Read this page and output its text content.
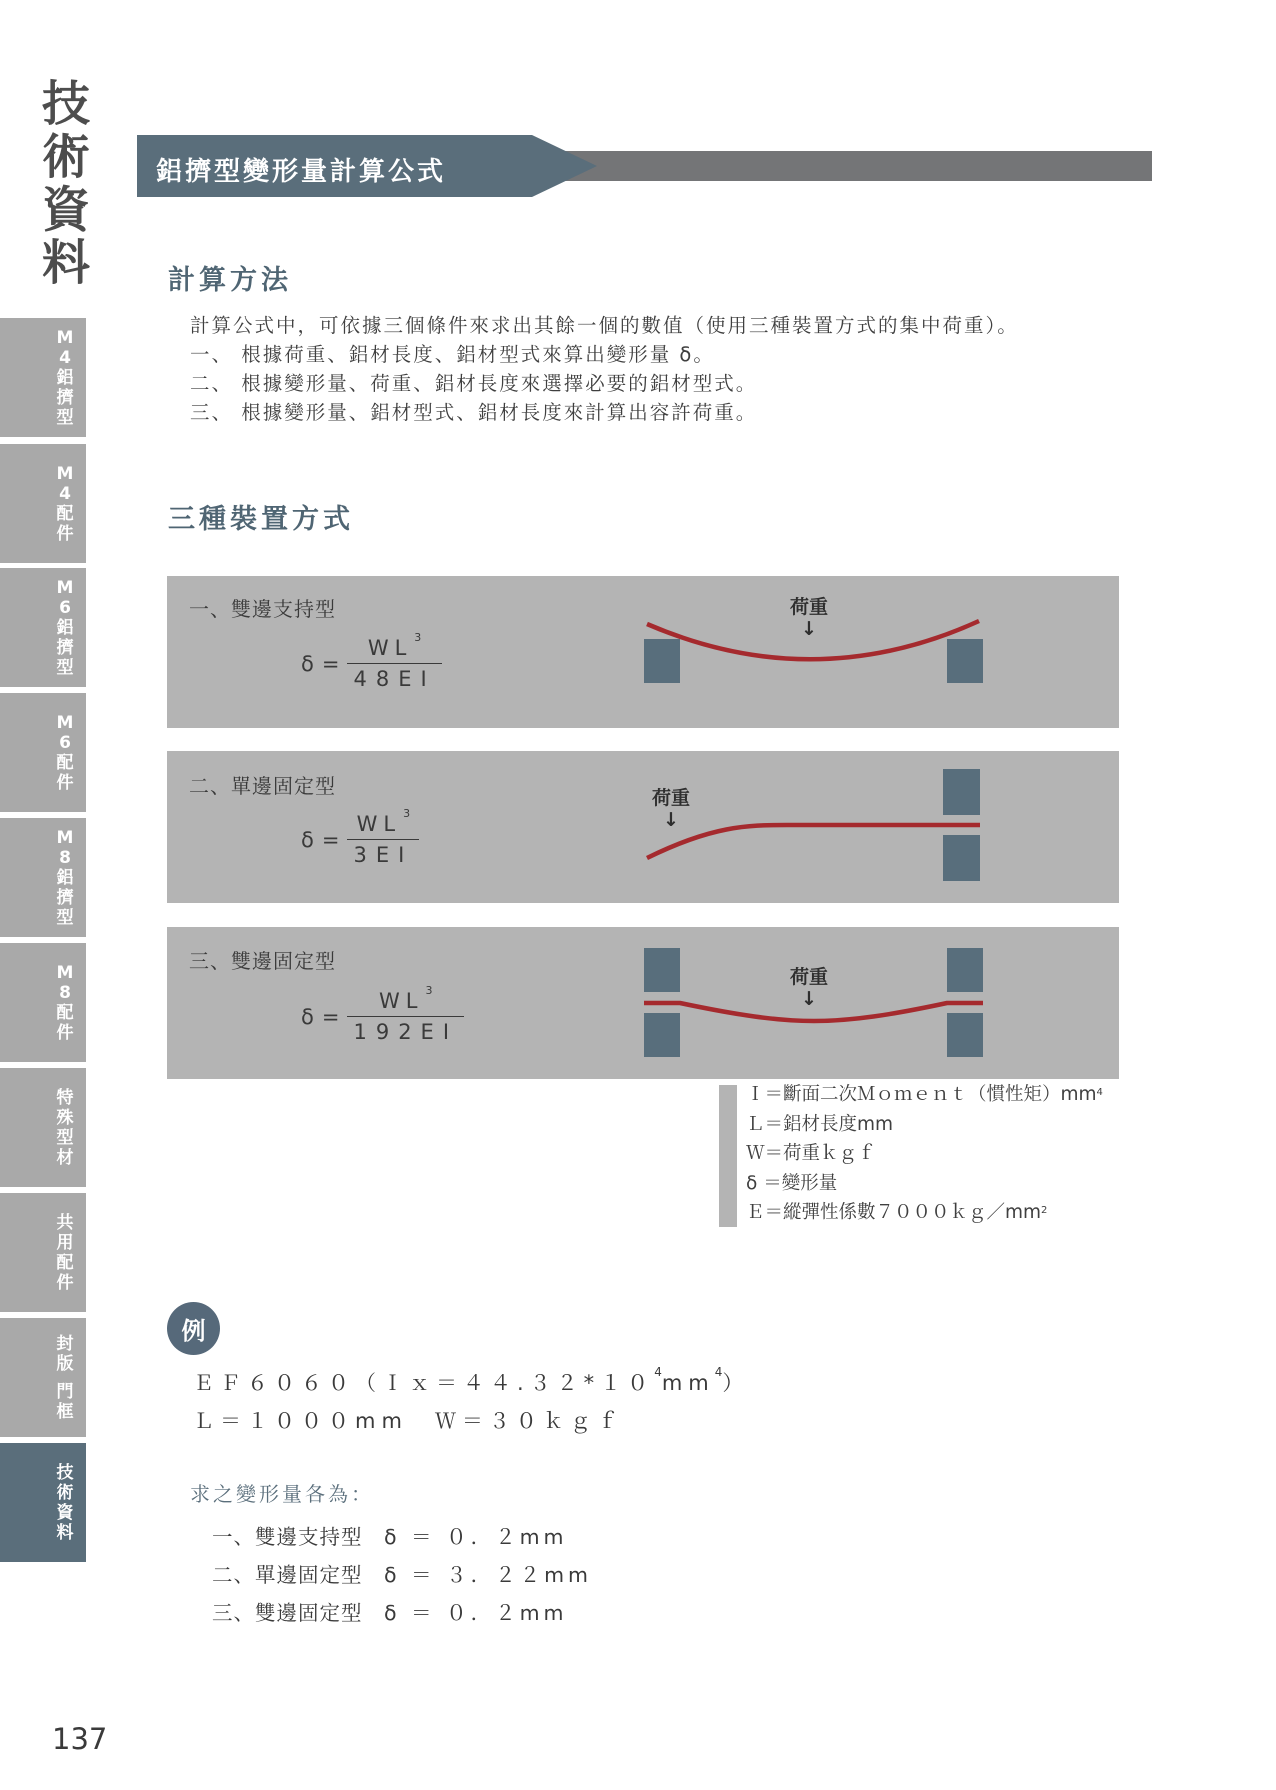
技
術
資
料
M
4
鋁
擠
型
M
4
配
件
M
6
鋁
擠
型
M
6
配
件
M
8
鋁
擠
型
M
8
配
件
特
殊
型
材
共
用
配
件
封
版
門
框
技
術
資
料
鋁擠型變形量計算公式
計算方法
計算公式中，可依據三個條件來求出其餘一個的數值（使用三種裝置方式的集中荷重）。
一、 根據荷重、鋁材長度、鋁材型式來算出變形量 δ。
二、 根據變形量、荷重、鋁材長度來選擇必要的鋁材型式。
三、 根據變形量、鋁材型式、鋁材長度來計算出容許荷重。
三種裝置方式
一、雙邊支持型
$\delta = \frac{WL ^3}{48EI}$
荷重
↓
二、單邊固定型
$\delta = \frac{WL ^3}{3EI}$
荷重
↓
三、雙邊固定型
$\delta = \frac{WL ^3}{192EI}$
荷重
↓
Ｉ＝斷面二次Ｍｏｍｅｎｔ（慣性矩）$mm^4$
Ｌ＝鋁材長度mm
Ｗ＝荷重ｋｇｆ
δ ＝變形量
Ｅ＝縱彈性係數$7000kg/mm^2$
例
$EF6060(Ix=44.32*10^4mm^4)$
Ｌ＝１０００mm　Ｗ＝３０ｋｇｆ
求之變形量各為：
一、雙邊支持型 δ ＝ ０．２mm
二、單邊固定型 δ ＝ ３．２２mm
三、雙邊固定型 δ ＝ ０．２mm
137
